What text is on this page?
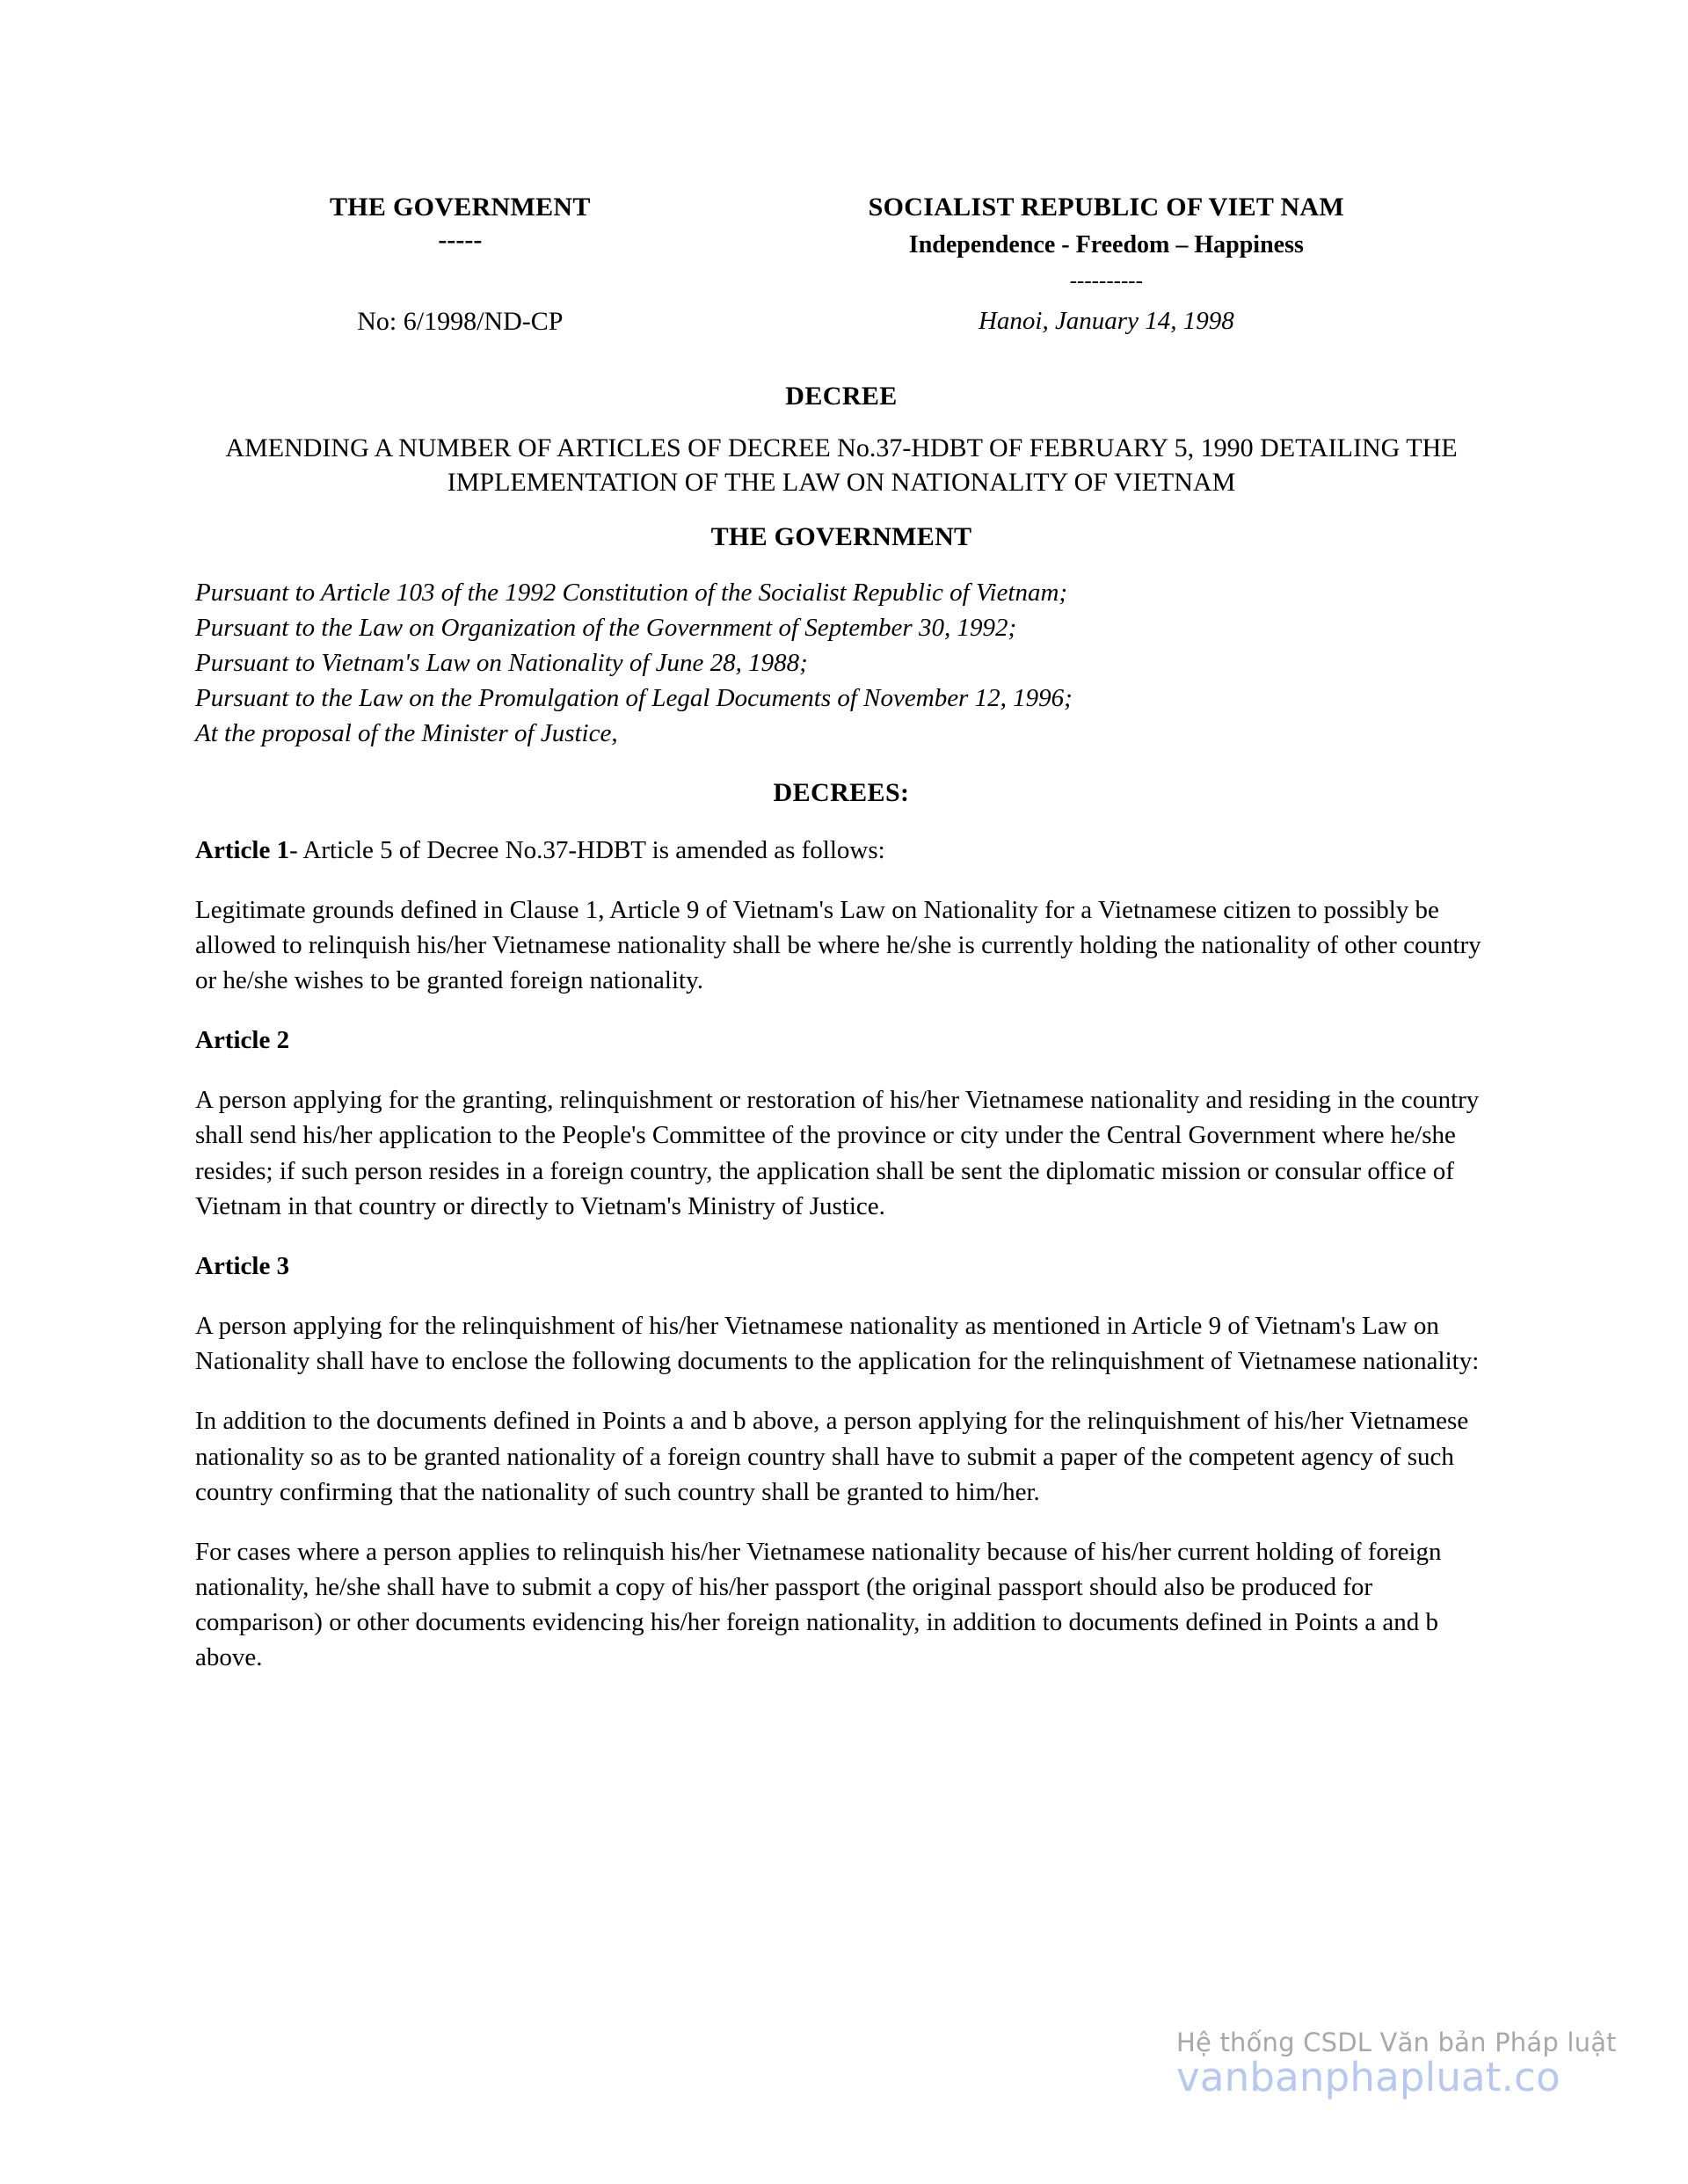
THE GOVERNMENT
-----
SOCIALIST REPUBLIC OF VIET NAM
Independence - Freedom – Happiness
----------
No: 6/1998/ND-CP	Hanoi, January 14, 1998
DECREE
AMENDING A NUMBER OF ARTICLES OF DECREE No.37-HDBT OF FEBRUARY 5, 1990 DETAILING THE IMPLEMENTATION OF THE LAW ON NATIONALITY OF VIETNAM
THE GOVERNMENT
Pursuant to Article 103 of the 1992 Constitution of the Socialist Republic of Vietnam;
Pursuant to the Law on Organization of the Government of September 30, 1992;
Pursuant to Vietnam's Law on Nationality of June 28, 1988;
Pursuant to the Law on the Promulgation of Legal Documents of November 12, 1996;
At the proposal of the Minister of Justice,
DECREES:
Article 1- Article 5 of Decree No.37-HDBT is amended as follows:
Legitimate grounds defined in Clause 1, Article 9 of Vietnam's Law on Nationality for a Vietnamese citizen to possibly be allowed to relinquish his/her Vietnamese nationality shall be where he/she is currently holding the nationality of other country or he/she wishes to be granted foreign nationality.
Article 2
A person applying for the granting, relinquishment or restoration of his/her Vietnamese nationality and residing in the country shall send his/her application to the People's Committee of the province or city under the Central Government where he/she resides; if such person resides in a foreign country, the application shall be sent the diplomatic mission or consular office of Vietnam in that country or directly to Vietnam's Ministry of Justice.
Article 3
A person applying for the relinquishment of his/her Vietnamese nationality as mentioned in Article 9 of Vietnam's Law on Nationality shall have to enclose the following documents to the application for the relinquishment of Vietnamese nationality:
In addition to the documents defined in Points a and b above, a person applying for the relinquishment of his/her Vietnamese nationality so as to be granted nationality of a foreign country shall have to submit a paper of the competent agency of such country confirming that the nationality of such country shall be granted to him/her.
For cases where a person applies to relinquish his/her Vietnamese nationality because of his/her current holding of foreign nationality, he/she shall have to submit a copy of his/her passport (the original passport should also be produced for comparison) or other documents evidencing his/her foreign nationality, in addition to documents defined in Points a and b above.
Hệ thống CSDL Văn bản Pháp luật
vanbanphapluat.co
